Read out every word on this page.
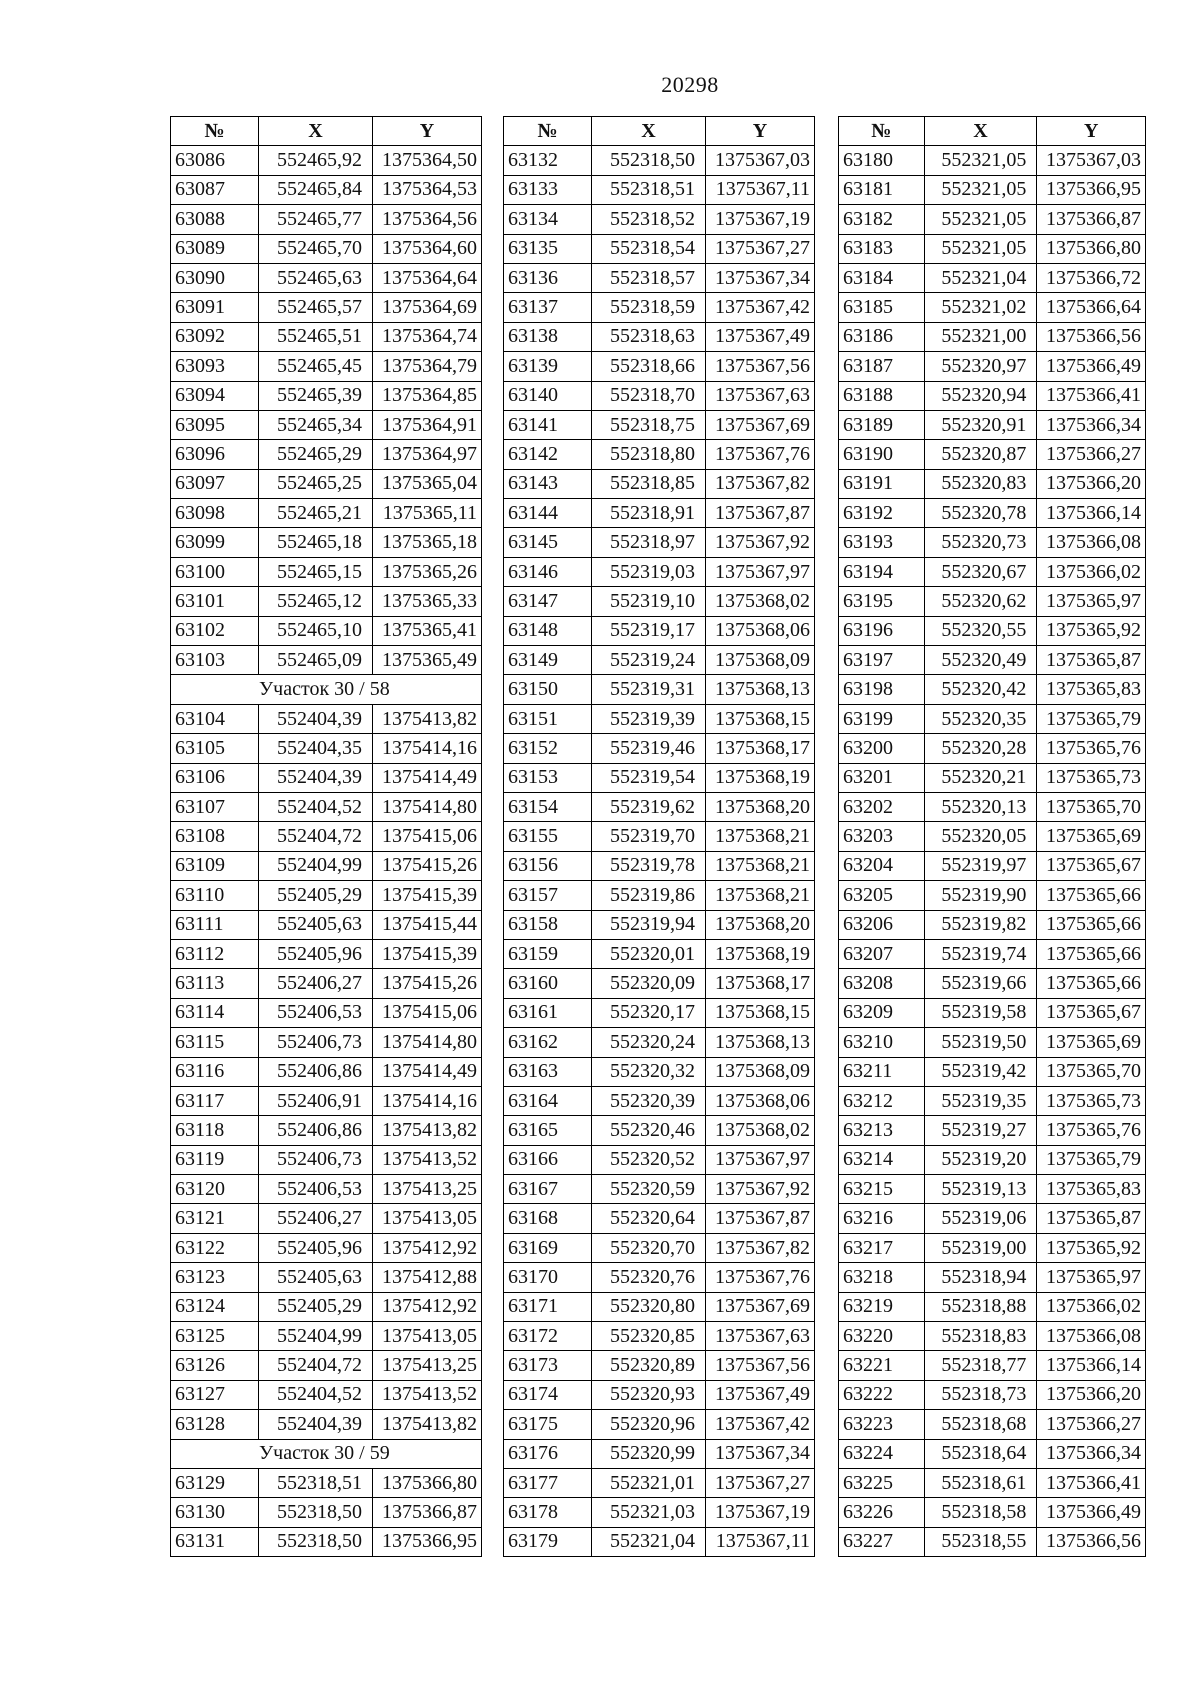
20298
№	X	Y
63086	552465,92	1375364,50
63087	552465,84	1375364,53
63088	552465,77	1375364,56
63089	552465,70	1375364,60
63090	552465,63	1375364,64
63091	552465,57	1375364,69
63092	552465,51	1375364,74
63093	552465,45	1375364,79
63094	552465,39	1375364,85
63095	552465,34	1375364,91
63096	552465,29	1375364,97
63097	552465,25	1375365,04
63098	552465,21	1375365,11
63099	552465,18	1375365,18
63100	552465,15	1375365,26
63101	552465,12	1375365,33
63102	552465,10	1375365,41
63103	552465,09	1375365,49
Участок 30 / 58		
63104	552404,39	1375413,82
63105	552404,35	1375414,16
63106	552404,39	1375414,49
63107	552404,52	1375414,80
63108	552404,72	1375415,06
63109	552404,99	1375415,26
63110	552405,29	1375415,39
63111	552405,63	1375415,44
63112	552405,96	1375415,39
63113	552406,27	1375415,26
63114	552406,53	1375415,06
63115	552406,73	1375414,80
63116	552406,86	1375414,49
63117	552406,91	1375414,16
63118	552406,86	1375413,82
63119	552406,73	1375413,52
63120	552406,53	1375413,25
63121	552406,27	1375413,05
63122	552405,96	1375412,92
63123	552405,63	1375412,88
63124	552405,29	1375412,92
63125	552404,99	1375413,05
63126	552404,72	1375413,25
63127	552404,52	1375413,52
63128	552404,39	1375413,82
Участок 30 / 59		
63129	552318,51	1375366,80
63130	552318,50	1375366,87
63131	552318,50	1375366,95
№	X	Y
63132	552318,50	1375367,03
63133	552318,51	1375367,11
63134	552318,52	1375367,19
63135	552318,54	1375367,27
63136	552318,57	1375367,34
63137	552318,59	1375367,42
63138	552318,63	1375367,49
63139	552318,66	1375367,56
63140	552318,70	1375367,63
63141	552318,75	1375367,69
63142	552318,80	1375367,76
63143	552318,85	1375367,82
63144	552318,91	1375367,87
63145	552318,97	1375367,92
63146	552319,03	1375367,97
63147	552319,10	1375368,02
63148	552319,17	1375368,06
63149	552319,24	1375368,09
63150	552319,31	1375368,13
63151	552319,39	1375368,15
63152	552319,46	1375368,17
63153	552319,54	1375368,19
63154	552319,62	1375368,20
63155	552319,70	1375368,21
63156	552319,78	1375368,21
63157	552319,86	1375368,21
63158	552319,94	1375368,20
63159	552320,01	1375368,19
63160	552320,09	1375368,17
63161	552320,17	1375368,15
63162	552320,24	1375368,13
63163	552320,32	1375368,09
63164	552320,39	1375368,06
63165	552320,46	1375368,02
63166	552320,52	1375367,97
63167	552320,59	1375367,92
63168	552320,64	1375367,87
63169	552320,70	1375367,82
63170	552320,76	1375367,76
63171	552320,80	1375367,69
63172	552320,85	1375367,63
63173	552320,89	1375367,56
63174	552320,93	1375367,49
63175	552320,96	1375367,42
63176	552320,99	1375367,34
63177	552321,01	1375367,27
63178	552321,03	1375367,19
63179	552321,04	1375367,11
№	X	Y
63180	552321,05	1375367,03
63181	552321,05	1375366,95
63182	552321,05	1375366,87
63183	552321,05	1375366,80
63184	552321,04	1375366,72
63185	552321,02	1375366,64
63186	552321,00	1375366,56
63187	552320,97	1375366,49
63188	552320,94	1375366,41
63189	552320,91	1375366,34
63190	552320,87	1375366,27
63191	552320,83	1375366,20
63192	552320,78	1375366,14
63193	552320,73	1375366,08
63194	552320,67	1375366,02
63195	552320,62	1375365,97
63196	552320,55	1375365,92
63197	552320,49	1375365,87
63198	552320,42	1375365,83
63199	552320,35	1375365,79
63200	552320,28	1375365,76
63201	552320,21	1375365,73
63202	552320,13	1375365,70
63203	552320,05	1375365,69
63204	552319,97	1375365,67
63205	552319,90	1375365,66
63206	552319,82	1375365,66
63207	552319,74	1375365,66
63208	552319,66	1375365,66
63209	552319,58	1375365,67
63210	552319,50	1375365,69
63211	552319,42	1375365,70
63212	552319,35	1375365,73
63213	552319,27	1375365,76
63214	552319,20	1375365,79
63215	552319,13	1375365,83
63216	552319,06	1375365,87
63217	552319,00	1375365,92
63218	552318,94	1375365,97
63219	552318,88	1375366,02
63220	552318,83	1375366,08
63221	552318,77	1375366,14
63222	552318,73	1375366,20
63223	552318,68	1375366,27
63224	552318,64	1375366,34
63225	552318,61	1375366,41
63226	552318,58	1375366,49
63227	552318,55	1375366,56
